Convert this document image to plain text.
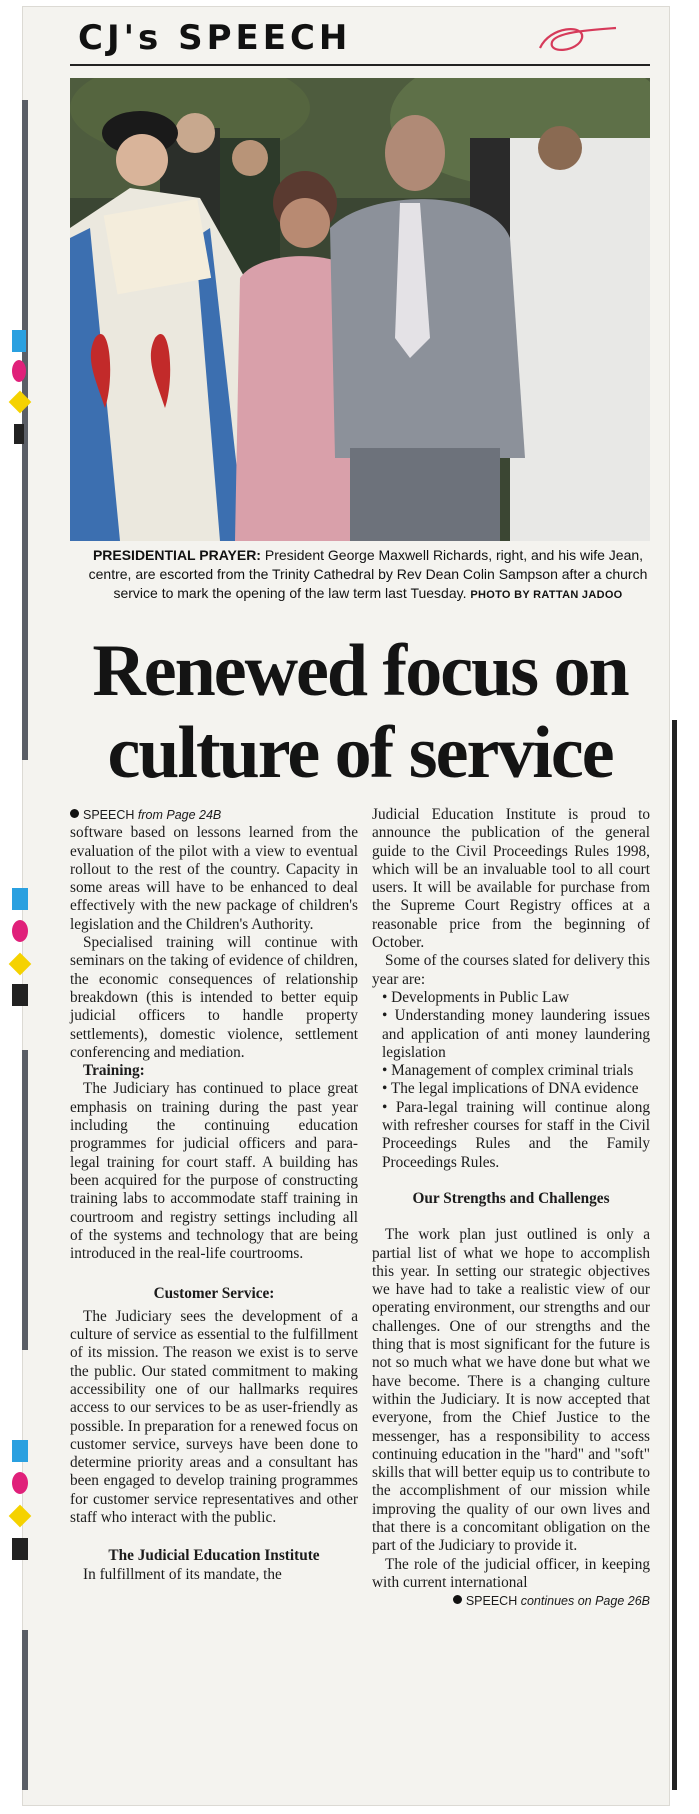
CJ's SPEECH
PRESIDENTIAL PRAYER: President George Maxwell Richards, right, and his wife Jean, centre, are escorted from the Trinity Cathedral by Rev Dean Colin Sampson after a church service to mark the opening of the law term last Tuesday. PHOTO BY RATTAN JADOO
Renewed focus on
culture of service

SPEECH from Page 24B

software based on lessons learned from the evaluation of the pilot with a view to eventual rollout to the rest of the country. Capacity in some areas will have to be enhanced to deal effectively with the new package of children's legislation and the Children's Authority.

Specialised training will continue with seminars on the taking of evidence of children, the economic consequences of relationship breakdown (this is intended to better equip judicial officers to handle property settlements), domestic violence, settlement conferencing and mediation.

Training:

The Judiciary has continued to place great emphasis on training during the past year including the continuing education programmes for judicial officers and para-legal training for court staff. A building has been acquired for the purpose of constructing training labs to accommodate staff training in courtroom and registry settings including all of the systems and technology that are being introduced in the real-life courtrooms.

Customer Service:

The Judiciary sees the development of a culture of service as essential to the fulfillment of its mission. The reason we exist is to serve the public. Our stated commitment to making accessibility one of our hallmarks requires access to our services to be as user-friendly as possible. In preparation for a renewed focus on customer service, surveys have been done to determine priority areas and a consultant has been engaged to develop training programmes for customer service representatives and other staff who interact with the public.

The Judicial Education Institute

In fulfillment of its mandate, the

Judicial Education Institute is proud to announce the publication of the general guide to the Civil Proceedings Rules 1998, which will be an invaluable tool to all court users. It will be available for purchase from the Supreme Court Registry offices at a reasonable price from the beginning of October.

Some of the courses slated for delivery this year are:

• Developments in Public Law

• Understanding money laundering issues and application of anti money laundering legislation

• Management of complex criminal trials

• The legal implications of DNA evidence

• Para-legal training will continue along with refresher courses for staff in the Civil Proceedings Rules and the Family Proceedings Rules.

Our Strengths and Challenges

The work plan just outlined is only a partial list of what we hope to accomplish this year. In setting our strategic objectives we have had to take a realistic view of our operating environment, our strengths and our challenges. One of our strengths and the thing that is most significant for the future is not so much what we have done but what we have become. There is a changing culture within the Judiciary. It is now accepted that everyone, from the Chief Justice to the messenger, has a responsibility to access continuing education in the "hard" and "soft" skills that will better equip us to contribute to the accomplishment of our mission while improving the quality of our own lives and that there is a concomitant obligation on the part of the Judiciary to provide it.

The role of the judicial officer, in keeping with current international

SPEECH continues on Page 26B
